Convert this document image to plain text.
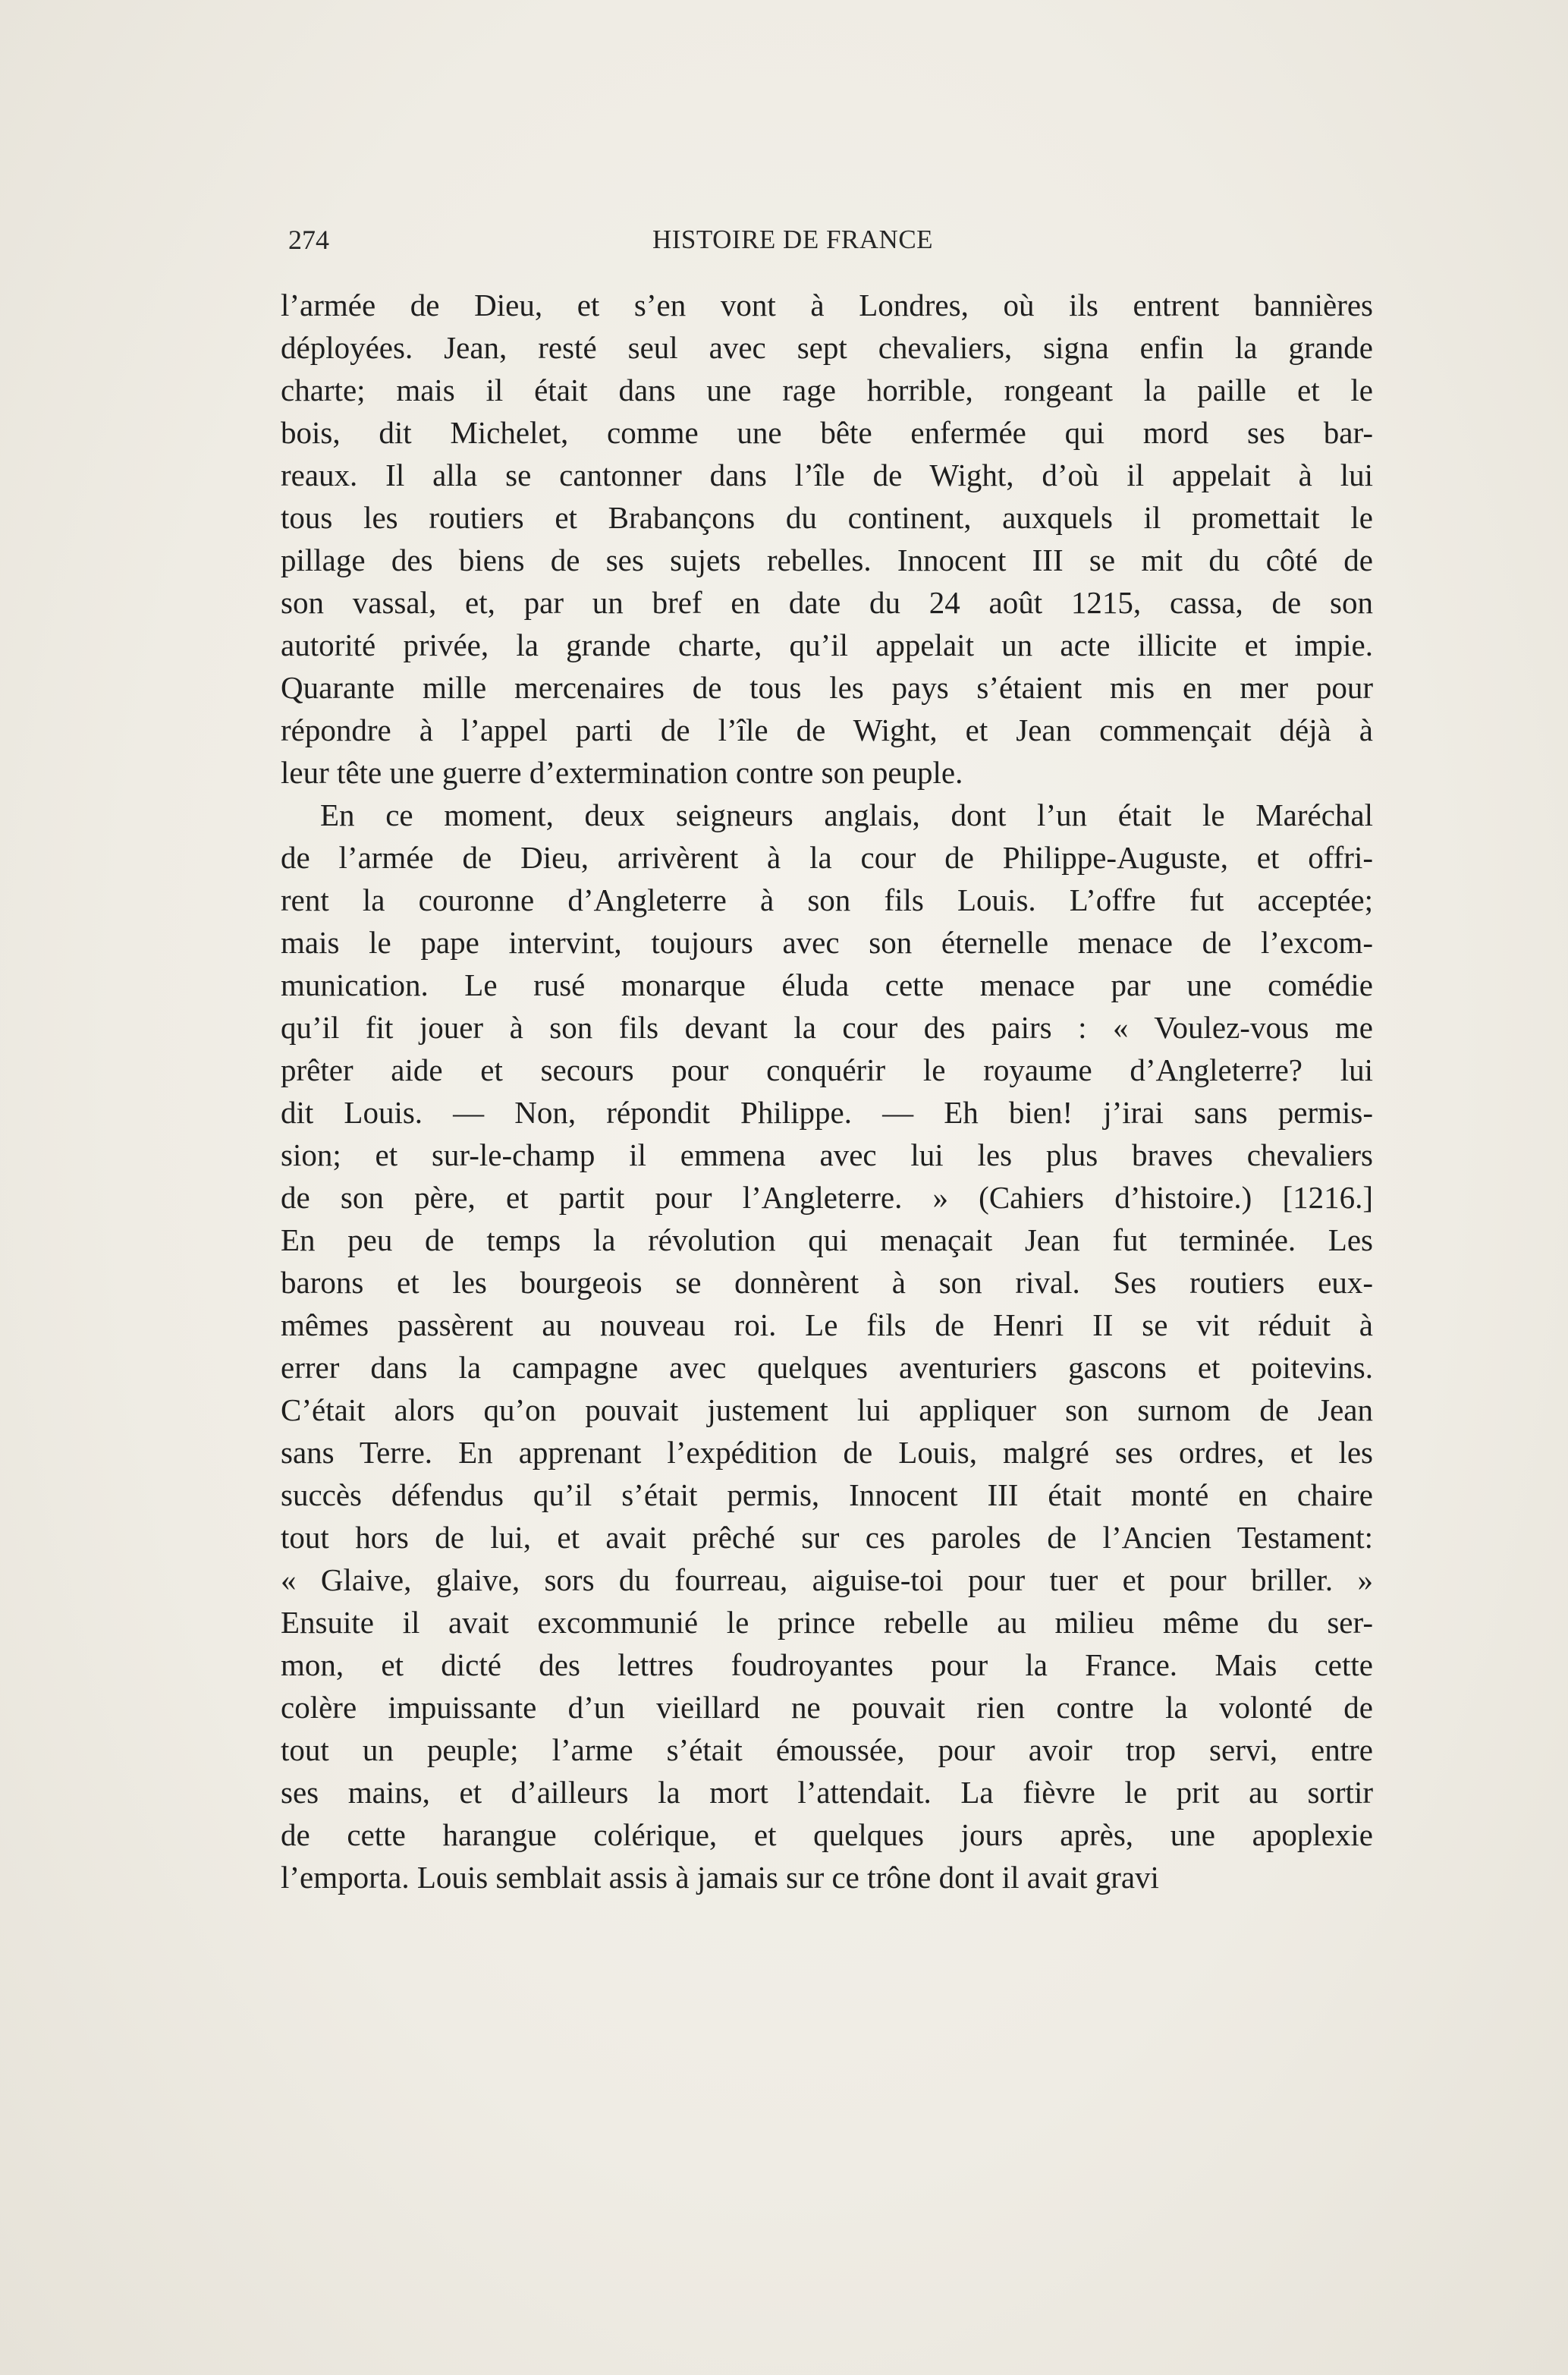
274	HISTOIRE DE FRANCE
l’armée de Dieu, et s’en vont à Londres, où ils entrent bannières
déployées. Jean, resté seul avec sept chevaliers, signa enfin la grande
charte; mais il était dans une rage horrible, rongeant la paille et le
bois, dit Michelet, comme une bête enfermée qui mord ses bar-
reaux. Il alla se cantonner dans l’île de Wight, d’où il appelait à lui
tous les routiers et Brabançons du continent, auxquels il promettait le
pillage des biens de ses sujets rebelles. Innocent III se mit du côté de
son vassal, et, par un bref en date du 24 août 1215, cassa, de son
autorité privée, la grande charte, qu’il appelait un acte illicite et impie.
Quarante mille mercenaires de tous les pays s’étaient mis en mer pour
répondre à l’appel parti de l’île de Wight, et Jean commençait déjà à
leur tête une guerre d’extermination contre son peuple.
En ce moment, deux seigneurs anglais, dont l’un était le Maréchal
de l’armée de Dieu, arrivèrent à la cour de Philippe-Auguste, et offri-
rent la couronne d’Angleterre à son fils Louis. L’offre fut acceptée;
mais le pape intervint, toujours avec son éternelle menace de l’excom-
munication. Le rusé monarque éluda cette menace par une comédie
qu’il fit jouer à son fils devant la cour des pairs : « Voulez-vous me
prêter aide et secours pour conquérir le royaume d’Angleterre? lui
dit Louis. — Non, répondit Philippe. — Eh bien! j’irai sans permis-
sion; et sur-le-champ il emmena avec lui les plus braves chevaliers
de son père, et partit pour l’Angleterre. » (Cahiers d’histoire.) [1216.]
En peu de temps la révolution qui menaçait Jean fut terminée. Les
barons et les bourgeois se donnèrent à son rival. Ses routiers eux-
mêmes passèrent au nouveau roi. Le fils de Henri II se vit réduit à
errer dans la campagne avec quelques aventuriers gascons et poitevins.
C’était alors qu’on pouvait justement lui appliquer son surnom de Jean
sans Terre. En apprenant l’expédition de Louis, malgré ses ordres, et les
succès défendus qu’il s’était permis, Innocent III était monté en chaire
tout hors de lui, et avait prêché sur ces paroles de l’Ancien Testament:
« Glaive, glaive, sors du fourreau, aiguise-toi pour tuer et pour briller. »
Ensuite il avait excommunié le prince rebelle au milieu même du ser-
mon, et dicté des lettres foudroyantes pour la France. Mais cette
colère impuissante d’un vieillard ne pouvait rien contre la volonté de
tout un peuple; l’arme s’était émoussée, pour avoir trop servi, entre
ses mains, et d’ailleurs la mort l’attendait. La fièvre le prit au sortir
de cette harangue colérique, et quelques jours après, une apoplexie
l’emporta. Louis semblait assis à jamais sur ce trône dont il avait gravi
